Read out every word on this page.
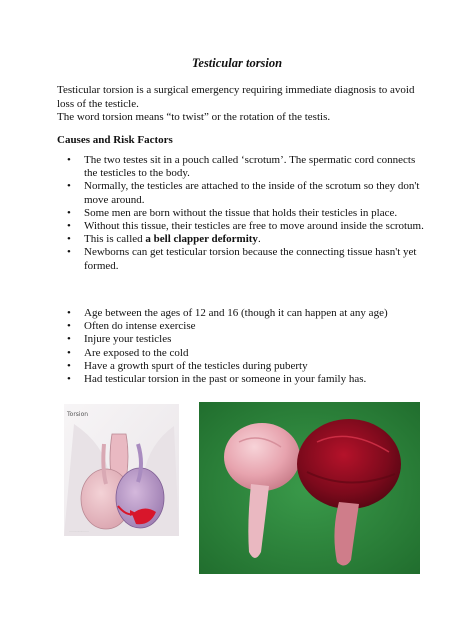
Testicular torsion
Testicular torsion is a surgical emergency requiring immediate diagnosis to avoid loss of the testicle.
The word torsion means “to twist” or the rotation of the testis.
Causes and Risk Factors
• The two testes sit in a pouch called ‘scrotum’. The spermatic cord connects the testicles to the body.
• Normally, the testicles are attached to the inside of the scrotum so they don't move around.
• Some men are born without the tissue that holds their testicles in place.
• Without this tissue, their testicles are free to move around inside the scrotum.
• This is called a bell clapper deformity.
• Newborns can get testicular torsion because the connecting tissue hasn't yet formed.
• Age between the ages of 12 and 16 (though it can happen at any age)
• Often do intense exercise
• Injure your testicles
• Are exposed to the cold
• Have a growth spurt of the testicles during puberty
• Had testicular torsion in the past or someone in your family has.
Torsion
·····················
